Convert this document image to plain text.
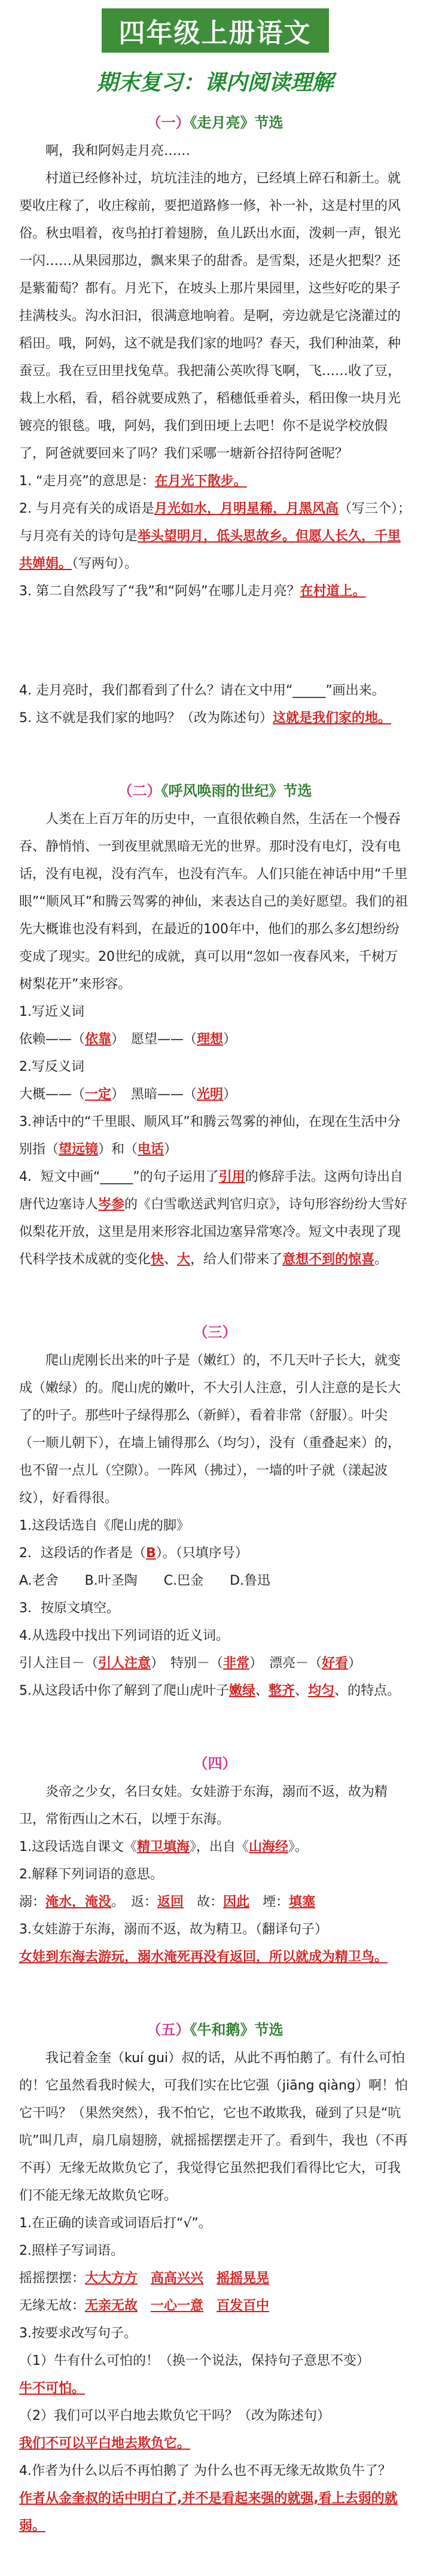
四年级上册语文
期末复习：课内阅读理解
（一）《走月亮》节选

啊，我和阿妈走月亮……

村道已经修补过，坑坑洼洼的地方，已经填上碎石和新土。就要收庄稼了，收庄稼前，要把道路修一修，补一补，这是村里的风俗。秋虫唱着，夜鸟拍打着翅膀，鱼儿跃出水面，泼刺一声，银光一闪……从果园那边，飘来果子的甜香。是雪梨，还是火把梨？还是紫葡萄？都有。月光下，在坡头上那片果园里，这些好吃的果子挂满枝头。沟水汩汩，很满意地响着。是啊，旁边就是它浇灌过的稻田。哦，阿妈，这不就是我们家的地吗？春天，我们种油菜，种蚕豆。我在豆田里找兔草。我把蒲公英吹得飞啊，飞……收了豆，栽上水稻，看，稻谷就要成熟了，稻穗低垂着头，稻田像一块月光镀亮的银毯。哦，阿妈，我们到田埂上去吧！你不是说学校放假了，阿爸就要回来了吗？我们采哪一塘新谷招待阿爸呢？

1. “走月亮”的意思是：在月光下散步。

2. 与月亮有关的成语是月光如水，月明星稀，月黑风高（写三个）；与月亮有关的诗句是举头望明月，低头思故乡。但愿人长久，千里共婵娟。（写两句）。

3. 第二自然段写了“我”和“阿妈”在哪儿走月亮？在村道上。

4. 走月亮时，我们都看到了什么？请在文中用“_____”画出来。

5. 这不就是我们家的地吗？（改为陈述句）这就是我们家的地。

（二）《呼风唤雨的世纪》节选

人类在上百万年的历史中，一直很依赖自然，生活在一个慢吞吞、静悄悄、一到夜里就黑暗无光的世界。那时没有电灯，没有电话，没有电视，没有汽车，也没有汽车。人们只能在神话中用“千里眼”“顺风耳”和腾云驾雾的神仙，来表达自己的美好愿望。我们的祖先大概谁也没有料到，在最近的100年中，他们的那么多幻想纷纷变成了现实。20世纪的成就，真可以用“忽如一夜春风来，千树万树梨花开”来形容。

1.写近义词

依赖——（依靠）　愿望——（理想）

2.写反义词

大概——（一定）　黑暗——（光明）

3.神话中的“千里眼、顺风耳”和腾云驾雾的神仙，在现在生活中分别指（望远镜）和（电话）

4．短文中画“_____”的句子运用了引用的修辞手法。这两句诗出自唐代边塞诗人岑参的《白雪歌送武判官归京》，诗句形容纷纷大雪好似梨花开放，这里是用来形容北国边塞异常寒冷。短文中表现了现代科学技术成就的变化快、大，给人们带来了意想不到的惊喜。

（三）

爬山虎刚长出来的叶子是（嫩红）的，不几天叶子长大，就变成（嫩绿）的。爬山虎的嫩叶，不大引人注意，引人注意的是长大了的叶子。那些叶子绿得那么（新鲜），看着非常（舒服）。叶尖（一顺儿朝下），在墙上铺得那么（均匀），没有（重叠起来）的，也不留一点儿（空隙）。一阵风（拂过），一墙的叶子就（漾起波纹），好看得很。

1.这段话选自《爬山虎的脚》

2．这段话的作者是（B）。（只填序号）

A.老舍　　B.叶圣陶　　C.巴金　　D.鲁迅

3．按原文填空。

4.从选段中找出下列词语的近义词。

引人注目－（引人注意）　特别－（非常）　漂亮－（好看）

5.从这段话中你了解到了爬山虎叶子嫩绿、整齐、均匀、的特点。

（四）

炎帝之少女，名曰女娃。女娃游于东海，溺而不返，故为精卫，常衔西山之木石，以堙于东海。

1.这段话选自课文《精卫填海》，出自《山海经》。

2.解释下列词语的意思。

溺：淹水，淹没。　返：返回　故：因此　堙：填塞

3.女娃游于东海，溺而不返，故为精卫。（翻译句子）

女娃到东海去游玩，溺水淹死再没有返回，所以就成为精卫鸟。

（五）《牛和鹅》节选

我记着金奎（kuí gui）叔的话，从此不再怕鹅了。有什么可怕的！它虽然看我时候大，可我们实在比它强（jiāng qiàng）啊！怕它干吗？（果然突然），我不怕它，它也不敢欺我，碰到了只是“吭吭”叫几声，扇几扇翅膀，就摇摇摆摆走开了。看到牛，我也（不再不再）无缘无故欺负它了，我觉得它虽然把我们看得比它大，可我们不能无缘无故欺负它呀。

1.在正确的读音或词语后打“√”。

2.照样子写词语。

摇摇摆摆：大大方方　 高高兴兴　 摇摇晃晃

无缘无故：无亲无故　 一心一意　 百发百中

3.按要求改写句子。

（1）牛有什么可怕的！（换一个说法，保持句子意思不变）
牛不可怕。

（2）我们可以平白地去欺负它干吗？（改为陈述句）
我们不可以平白地去欺负它。

4.作者为什么以后不再怕鹅了 为什么也不再无缘无故欺负牛了？
作者从金奎叔的话中明白了,并不是看起来强的就强,看上去弱的就弱。
